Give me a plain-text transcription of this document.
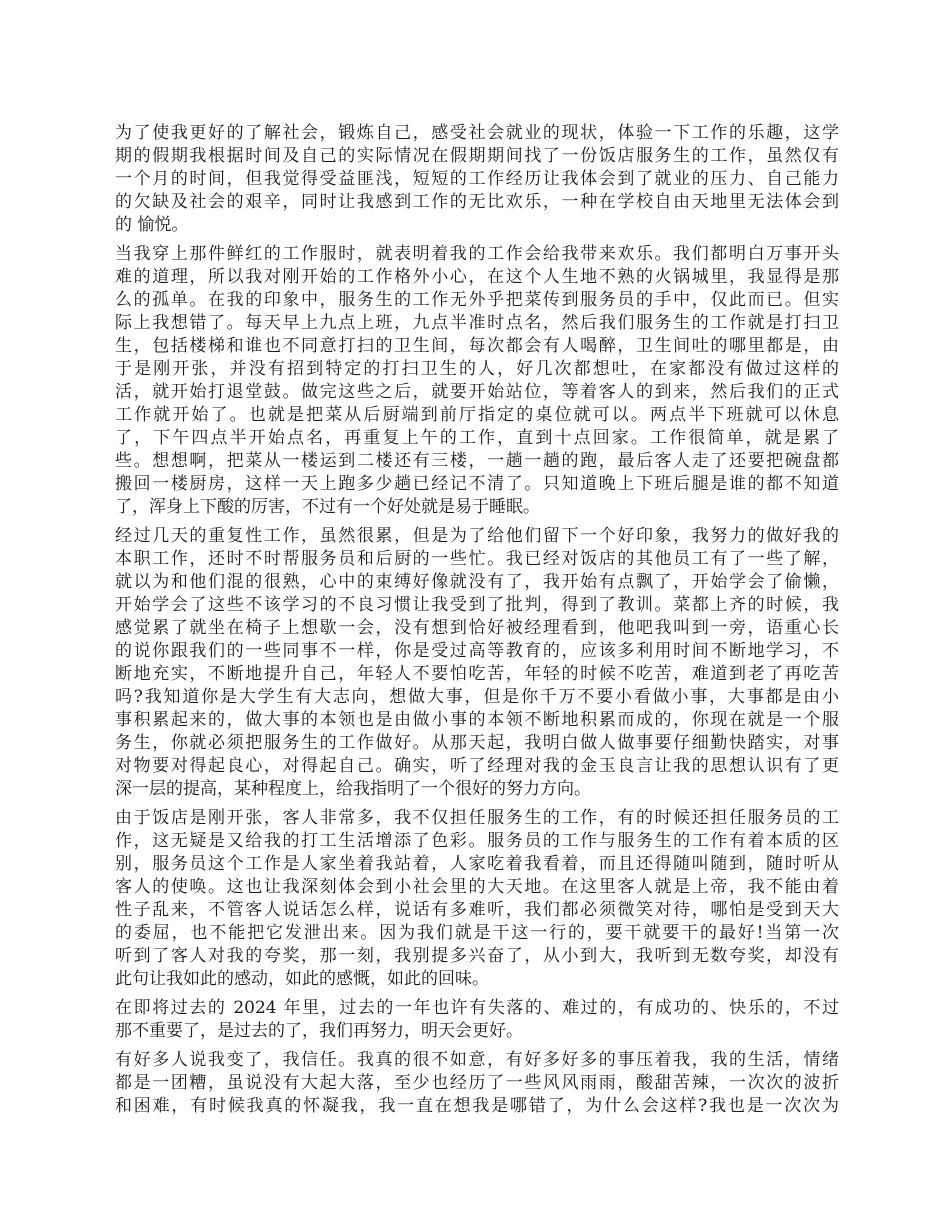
为了使我更好的了解社会，锻炼自己，感受社会就业的现状，体验一下工作的乐趣，这学
期的假期我根据时间及自己的实际情况在假期期间找了一份饭店服务生的工作，虽然仅有
一个月的时间，但我觉得受益匪浅，短短的工作经历让我体会到了就业的压力、自己能力
的欠缺及社会的艰辛，同时让我感到工作的无比欢乐，一种在学校自由天地里无法体会到
的 愉悦。

当我穿上那件鲜红的工作服时，就表明着我的工作会给我带来欢乐。我们都明白万事开头
难的道理，所以我对刚开始的工作格外小心，在这个人生地不熟的火锅城里，我显得是那
么的孤单。在我的印象中，服务生的工作无外乎把菜传到服务员的手中，仅此而已。但实
际上我想错了。每天早上九点上班，九点半准时点名，然后我们服务生的工作就是打扫卫
生，包括楼梯和谁也不同意打扫的卫生间，每次都会有人喝醉，卫生间吐的哪里都是，由
于是刚开张，并没有招到特定的打扫卫生的人，好几次都想吐，在家都没有做过这样的
活，就开始打退堂鼓。做完这些之后，就要开始站位，等着客人的到来，然后我们的正式
工作就开始了。也就是把菜从后厨端到前厅指定的桌位就可以。两点半下班就可以休息
了，下午四点半开始点名，再重复上午的工作，直到十点回家。工作很简单，就是累了
些。想想啊，把菜从一楼运到二楼还有三楼，一趟一趟的跑，最后客人走了还要把碗盘都
搬回一楼厨房，这样一天上跑多少趟已经记不清了。只知道晚上下班后腿是谁的都不知道
了，浑身上下酸的厉害，不过有一个好处就是易于睡眠。

经过几天的重复性工作，虽然很累，但是为了给他们留下一个好印象，我努力的做好我的
本职工作，还时不时帮服务员和后厨的一些忙。我已经对饭店的其他员工有了一些了解，
就以为和他们混的很熟，心中的束缚好像就没有了，我开始有点飘了，开始学会了偷懒，
开始学会了这些不该学习的不良习惯让我受到了批判，得到了教训。菜都上齐的时候，我
感觉累了就坐在椅子上想歇一会，没有想到恰好被经理看到，他吧我叫到一旁，语重心长
的说你跟我们的一些同事不一样，你是受过高等教育的，应该多利用时间不断地学习，不
断地充实，不断地提升自己，年轻人不要怕吃苦，年轻的时候不吃苦，难道到老了再吃苦
吗?我知道你是大学生有大志向，想做大事，但是你千万不要小看做小事，大事都是由小
事积累起来的，做大事的本领也是由做小事的本领不断地积累而成的，你现在就是一个服
务生，你就必须把服务生的工作做好。从那天起，我明白做人做事要仔细勤快踏实，对事
对物要对得起良心，对得起自己。确实，听了经理对我的金玉良言让我的思想认识有了更
深一层的提高，某种程度上，给我指明了一个很好的努力方向。

由于饭店是刚开张，客人非常多，我不仅担任服务生的工作，有的时候还担任服务员的工
作，这无疑是又给我的打工生活增添了色彩。服务员的工作与服务生的工作有着本质的区
别，服务员这个工作是人家坐着我站着，人家吃着我看着，而且还得随叫随到，随时听从
客人的使唤。这也让我深刻体会到小社会里的大天地。在这里客人就是上帝，我不能由着
性子乱来，不管客人说话怎么样，说话有多难听，我们都必须微笑对待，哪怕是受到天大
的委屈，也不能把它发泄出来。因为我们就是干这一行的，要干就要干的最好!当第一次
听到了客人对我的夸奖，那一刻，我别提多兴奋了，从小到大，我听到无数夸奖，却没有
此句让我如此的感动，如此的感慨，如此的回味。

在即将过去的 2024 年里，过去的一年也许有失落的、难过的，有成功的、快乐的，不过
那不重要了，是过去的了，我们再努力，明天会更好。

有好多人说我变了，我信任。我真的很不如意，有好多好多的事压着我，我的生活，情绪
都是一团糟，虽说没有大起大落，至少也经历了一些风风雨雨，酸甜苦辣，一次次的波折
和困难，有时候我真的怀凝我，我一直在想我是哪错了，为什么会这样?我也是一次次为
